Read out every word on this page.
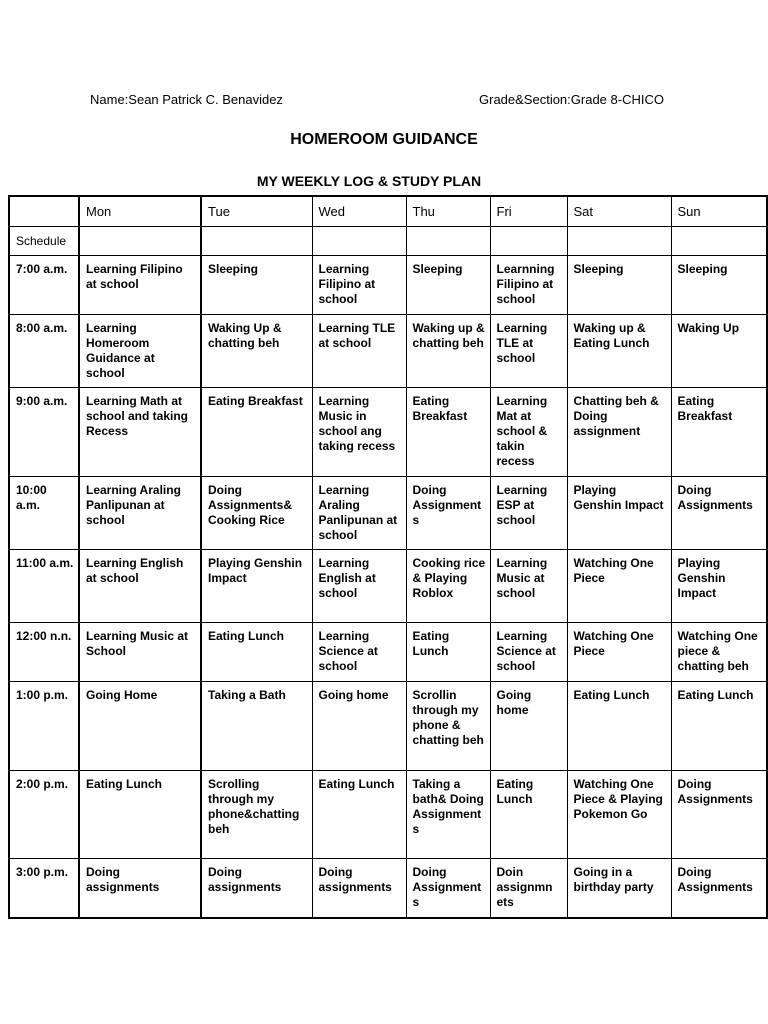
Name:Sean Patrick C. Benavidez	Grade&Section:Grade 8-CHICO
HOMEROOM GUIDANCE
MY WEEKLY LOG & STUDY PLAN
	Mon	Tue	Wed	Thu	Fri	Sat	Sun
Schedule							
7:00 a.m.	Learning Filipino at school	Sleeping	Learning Filipino at school	Sleeping	Learnning Filipino at school	Sleeping	Sleeping
8:00 a.m.	Learning Homeroom Guidance at school	Waking Up & chatting beh	Learning TLE at school	Waking up & chatting beh	Learning TLE at school	Waking up & Eating Lunch	Waking Up
9:00 a.m.	Learning Math at school and taking Recess	Eating Breakfast	Learning Music in school ang taking recess	Eating Breakfast	Learning Mat at school & takin recess	Chatting beh & Doing assignment	Eating Breakfast
10:00 a.m.	Learning Araling Panlipunan at school	Doing Assignments& Cooking Rice	Learning Araling Panlipunan at school	Doing Assignment s	Learning ESP at school	Playing Genshin Impact	Doing Assignments
11:00 a.m.	Learning English at school	Playing Genshin Impact	Learning English at school	Cooking rice & Playing Roblox	Learning Music at school	Watching One Piece	Playing Genshin Impact
12:00 n.n.	Learning Music at School	Eating Lunch	Learning Science at school	Eating Lunch	Learning Science at school	Watching One Piece	Watching One piece & chatting beh
1:00 p.m.	Going Home	Taking a Bath	Going home	Scrollin through my phone & chatting beh	Going home	Eating Lunch	Eating Lunch
2:00 p.m.	Eating Lunch	Scrolling through my phone&chatting beh	Eating Lunch	Taking a bath& Doing Assignment s	Eating Lunch	Watching One Piece & Playing Pokemon Go	Doing Assignments
3:00 p.m.	Doing assignments	Doing assignments	Doing assignments	Doing Assignment s	Doin assignmn ets	Going in a birthday party	Doing Assignments
